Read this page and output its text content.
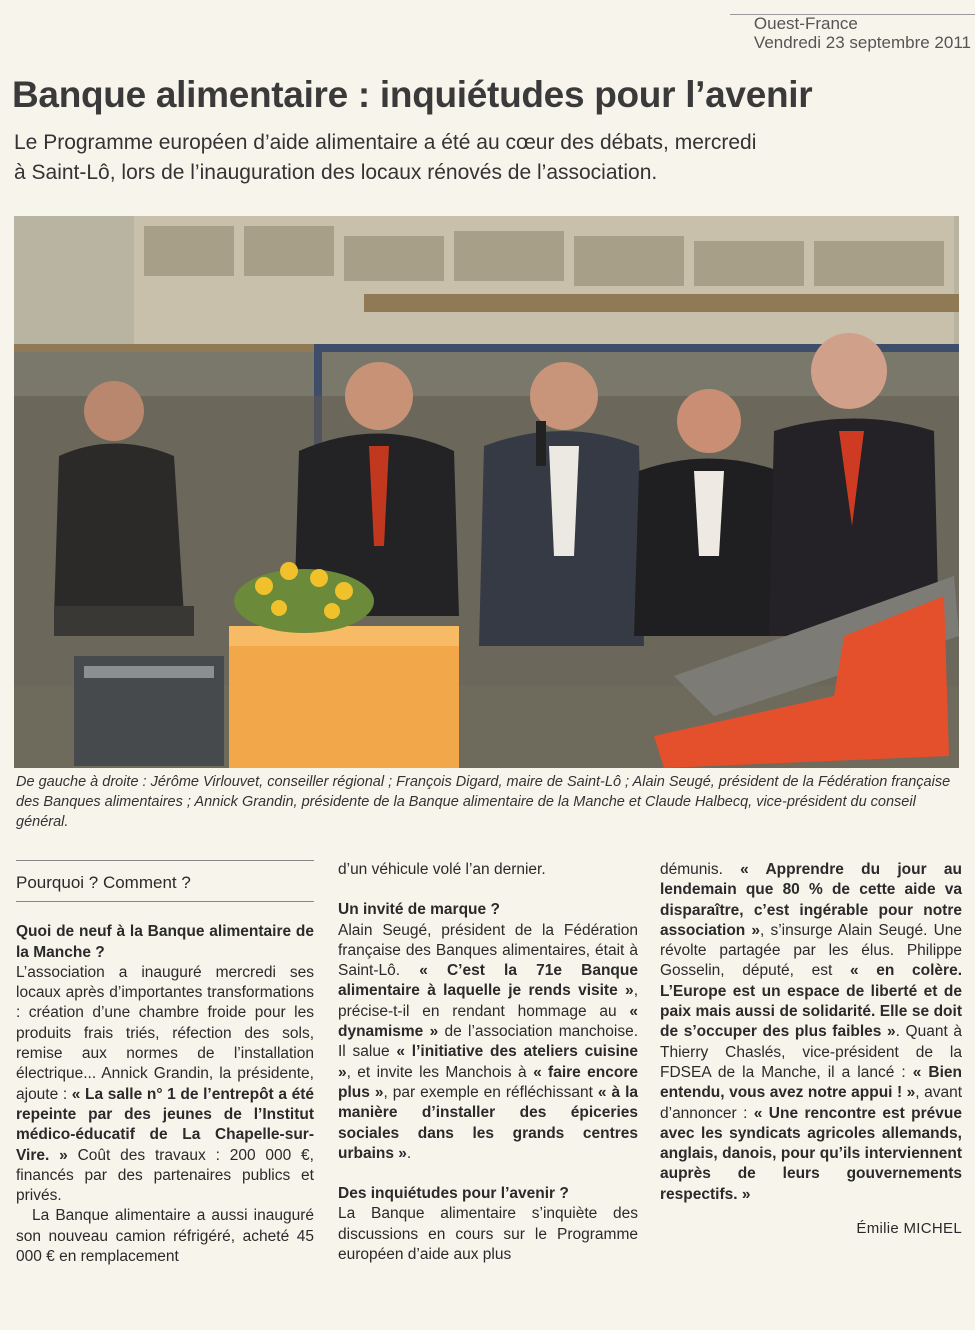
Ouest-France
Vendredi 23 septembre 2011
Banque alimentaire : inquiétudes pour l’avenir

Le Programme européen d’aide alimentaire a été au cœur des débats, mercredi
à Saint-Lô, lors de l’inauguration des locaux rénovés de l’association.

De gauche à droite : Jérôme Virlouvet, conseiller régional ; François Digard, maire de Saint-Lô ; Alain Seugé, président de la Fédération française des Banques alimentaires ; Annick Grandin, présidente de la Banque alimentaire de la Manche et Claude Halbecq, vice-président du conseil général.
Pourquoi ? Comment ?

Quoi de neuf à la Banque alimentaire de la Manche ?

L’association a inauguré mercredi ses locaux après d’importantes transformations : création d’une chambre froide pour les produits frais triés, réfection des sols, remise aux normes de l’installation électrique... Annick Grandin, la présidente, ajoute : « La salle n° 1 de l’entrepôt a été repeinte par des jeunes de l’Institut médico-éducatif de La Chapelle-sur-Vire. » Coût des travaux : 200 000 €, financés par des partenaires publics et privés.

La Banque alimentaire a aussi inauguré son nouveau camion réfrigéré, acheté 45 000 € en remplacement

d’un véhicule volé l’an dernier.

Un invité de marque ?

Alain Seugé, président de la Fédération française des Banques alimentaires, était à Saint-Lô. « C’est la 71e Banque alimentaire à laquelle je rends visite », précise-t-il en rendant hommage au « dynamisme » de l’association manchoise. Il salue « l’initiative des ateliers cuisine », et invite les Manchois à « faire encore plus », par exemple en réfléchissant « à la manière d’installer des épiceries sociales dans les grands centres urbains ».

Des inquiétudes pour l’avenir ?

La Banque alimentaire s’inquiète des discussions en cours sur le Programme européen d’aide aux plus

démunis. « Apprendre du jour au lendemain que 80 % de cette aide va disparaître, c’est ingérable pour notre association », s’insurge Alain Seugé. Une révolte partagée par les élus. Philippe Gosselin, député, est « en colère. L’Europe est un espace de liberté et de paix mais aussi de solidarité. Elle se doit de s’occuper des plus faibles ». Quant à Thierry Chaslés, vice-président de la FDSEA de la Manche, il a lancé : « Bien entendu, vous avez notre appui ! », avant d’annoncer : « Une rencontre est prévue avec les syndicats agricoles allemands, anglais, danois, pour qu’ils interviennent auprès de leurs gouvernements respectifs. »

Émilie MICHEL
